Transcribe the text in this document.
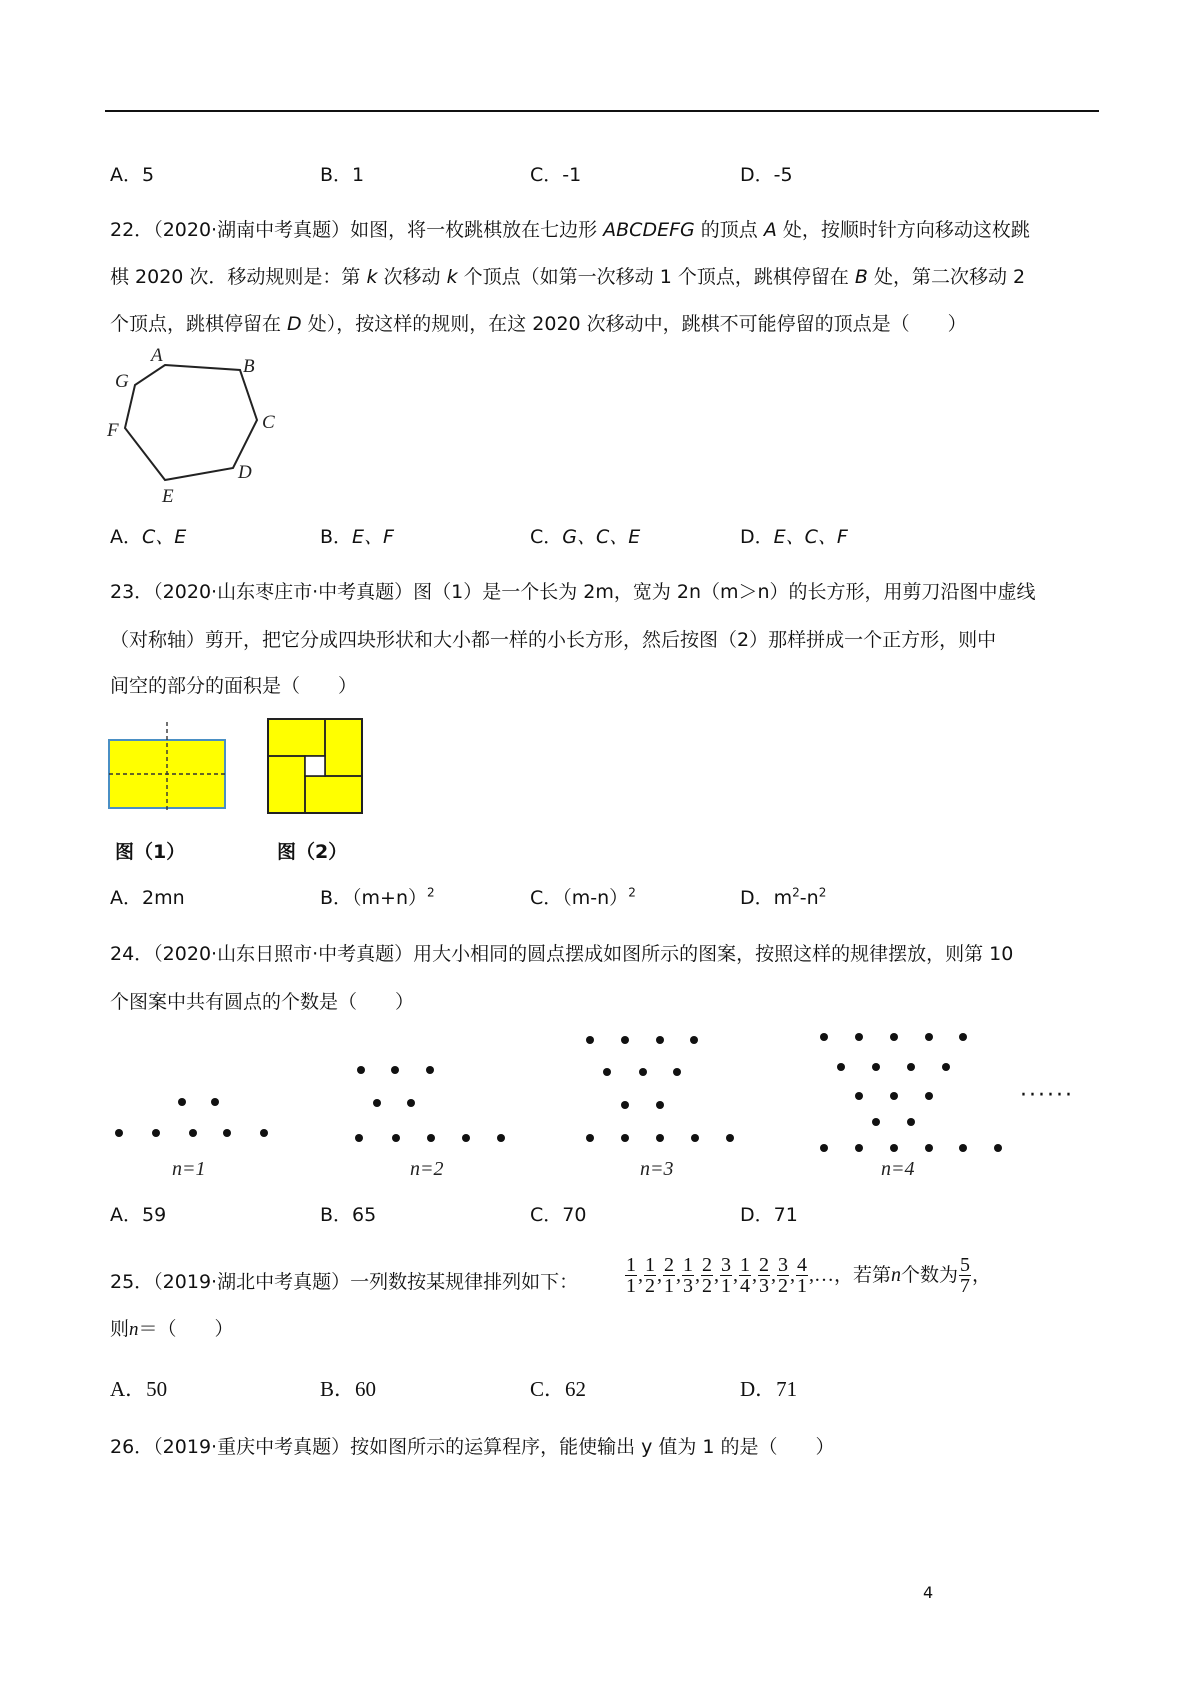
A．5	B．1	C．-1	D．-5
22．（2020·湖南中考真题）如图，将一枚跳棋放在七边形 ABCDEFG 的顶点 A 处，按顺时针方向移动这枚跳
棋 2020 次．移动规则是：第 k 次移动 k 个顶点（如第一次移动 1 个顶点，跳棋停留在 B 处，第二次移动 2
个顶点，跳棋停留在 D 处），按这样的规则，在这 2020 次移动中，跳棋不可能停留的顶点是（　　）
A
B
C
D
E
F
G
A．C、E	B．E、F	C．G、C、E	D．E、C、F
23．（2020·山东枣庄市·中考真题）图（1）是一个长为 2m，宽为 2n（m＞n）的长方形，用剪刀沿图中虚线
（对称轴）剪开，把它分成四块形状和大小都一样的小长方形，然后按图（2）那样拼成一个正方形，则中
间空的部分的面积是（　　）
图（1）	图（2）
A．2mn	B．$(m+n)^2$	C．$(m-n)^2$	D．$m^2-n^2$
24．（2020·山东日照市·中考真题）用大小相同的圆点摆成如图所示的图案，按照这样的规律摆放，则第 10
个图案中共有圆点的个数是（　　）
······
n=1	n=2	n=3	n=4
A．59	B．65	C．70	D．71
25．（2019·湖北中考真题）一列数按某规律排列如下： $\frac{1}{1}$ , $\frac{1}{2}$ , $\frac{2}{1}$ , $\frac{1}{3}$ , $\frac{2}{2}$ , $\frac{3}{1}$ , $\frac{1}{4}$ , $\frac{2}{3}$ , $\frac{3}{2}$ , $\frac{4}{1}$ ,…，若第n个数为 $\frac{5}{7}$ ，
则n＝（　　）
A．50	B．60	C．62	D．71
26．（2019·重庆中考真题）按如图所示的运算程序，能使输出 y 值为 1 的是（　　）
4
